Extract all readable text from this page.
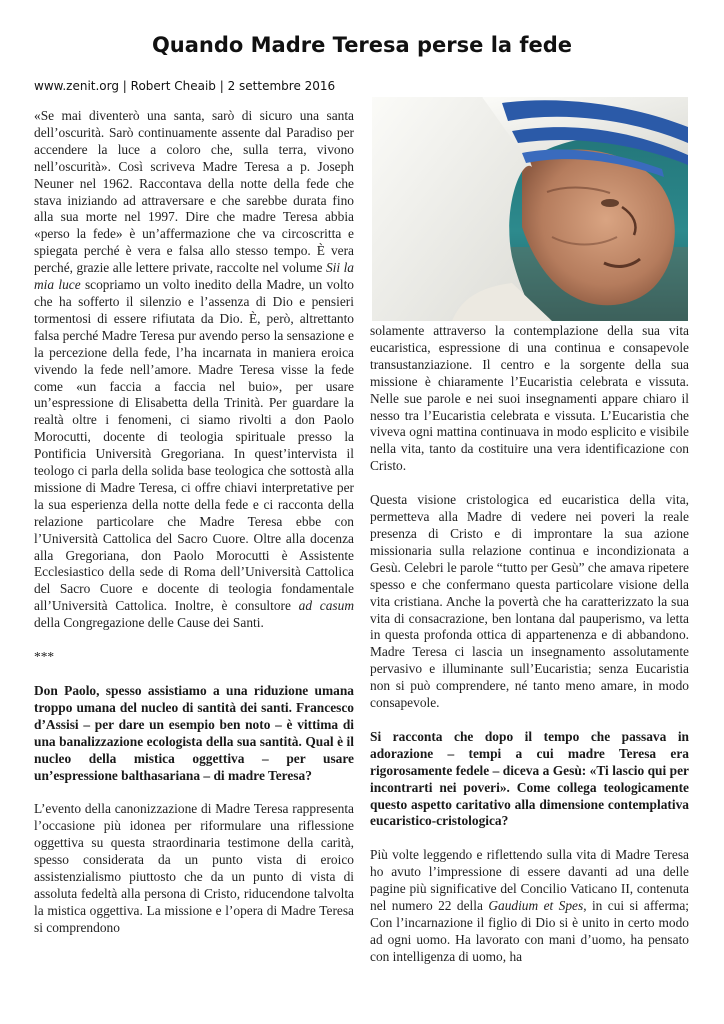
Quando Madre Teresa perse la fede
www.zenit.org | Robert Cheaib | 2 settembre 2016

«Se mai diventerò una santa, sarò di sicuro una santa dell’oscurità. Sarò continuamente assente dal Paradiso per accendere la luce a coloro che, sulla terra, vivono nell’oscurità». Così scriveva Madre Teresa a p. Joseph Neuner nel 1962. Raccontava della notte della fede che stava iniziando ad attraversare e che sarebbe durata fino alla sua morte nel 1997. Dire che madre Teresa abbia «perso la fede» è un’affermazione che va circoscritta e spiegata perché è vera e falsa allo stesso tempo. È vera perché, grazie alle lettere private, raccolte nel volume Sii la mia luce scopriamo un volto inedito della Madre, un volto che ha sofferto il silenzio e l’assenza di Dio e pensieri tormentosi di essere rifiutata da Dio. È, però, altrettanto falsa perché Madre Teresa pur avendo perso la sensazione e la percezione della fede, l’ha incarnata in maniera eroica vivendo la fede nell’amore. Madre Teresa visse la fede come «un faccia a faccia nel buio», per usare un’espressione di Elisabetta della Trinità. Per guardare la realtà oltre i fenomeni, ci siamo rivolti a don Paolo Morocutti, docente di teologia spirituale presso la Pontificia Università Gregoriana. In quest’intervista il teologo ci parla della solida base teologica che sottostà alla missione di Madre Teresa, ci offre chiavi interpretative per la sua esperienza della notte della fede e ci racconta della relazione particolare che Madre Teresa ebbe con l’Università Cattolica del Sacro Cuore. Oltre alla docenza alla Gregoriana, don Paolo Morocutti è Assistente Ecclesiastico della sede di Roma dell’Università Cattolica del Sacro Cuore e docente di teologia fondamentale all’Università Cattolica. Inoltre, è consultore ad casum della Congregazione delle Cause dei Santi.

***

Don Paolo, spesso assistiamo a una riduzione umana troppo umana del nucleo di santità dei santi. Francesco d’Assisi – per dare un esempio ben noto – è vittima di una banalizzazione ecologista della sua santità. Qual è il nucleo della mistica oggettiva – per usare un’espressione balthasariana – di madre Teresa?

L’evento della canonizzazione di Madre Teresa rappresenta l’occasione più idonea per riformulare una riflessione oggettiva su questa straordinaria testimone della carità, spesso considerata da un punto vista di eroico assistenzialismo piuttosto che da un punto di vista di assoluta fedeltà alla persona di Cristo, riducendone talvolta la mistica oggettiva. La missione e l’opera di Madre Teresa si comprendono

solamente attraverso la contemplazione della sua vita eucaristica, espressione di una continua e consapevole transustanziazione. Il centro e la sorgente della sua missione è chiaramente l’Eucaristia celebrata e vissuta. Nelle sue parole e nei suoi insegnamenti appare chiaro il nesso tra l’Eucaristia celebrata e vissuta. L’Eucaristia che viveva ogni mattina continuava in modo esplicito e visibile nella vita, tanto da costituire una vera identificazione con Cristo.

Questa visione cristologica ed eucaristica della vita, permetteva alla Madre di vedere nei poveri la reale presenza di Cristo e di improntare la sua azione missionaria sulla relazione continua e incondizionata a Gesù. Celebri le parole “tutto per Gesù” che amava ripetere spesso e che confermano questa particolare visione della vita cristiana. Anche la povertà che ha caratterizzato la sua vita di consacrazione, ben lontana dal pauperismo, va letta in questa profonda ottica di appartenenza e di abbandono. Madre Teresa ci lascia un insegnamento assolutamente pervasivo e illuminante sull’Eucaristia; senza Eucaristia non si può comprendere, né tanto meno amare, in modo consapevole.

Si racconta che dopo il tempo che passava in adorazione – tempi a cui madre Teresa era rigorosamente fedele – diceva a Gesù: «Ti lascio qui per incontrarti nei poveri». Come collega teologicamente questo aspetto caritativo alla dimensione contemplativa eucaristico-cristologica?

Più volte leggendo e riflettendo sulla vita di Madre Teresa ho avuto l’impressione di essere davanti ad una delle pagine più significative del Concilio Vaticano II, contenuta nel numero 22 della Gaudium et Spes, in cui si afferma; Con l’incarnazione il figlio di Dio si è unito in certo modo ad ogni uomo. Ha lavorato con mani d’uomo, ha pensato con intelligenza di uomo, ha
